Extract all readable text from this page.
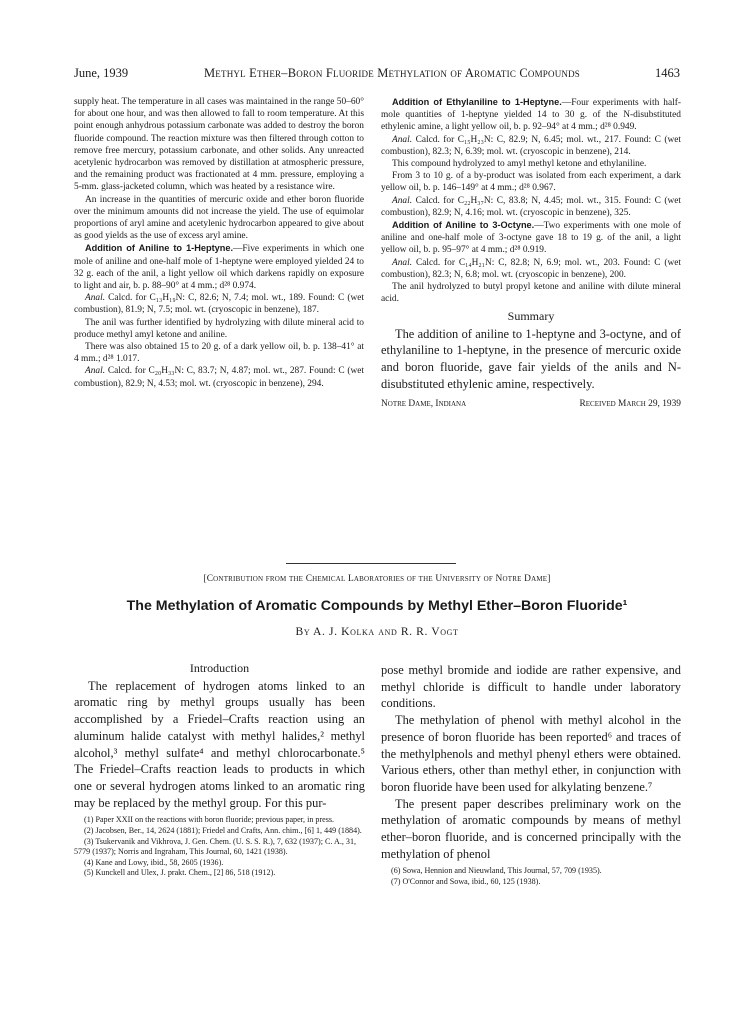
June, 1939	Methyl Ether–Boron Fluoride Methylation of Aromatic Compounds	1463

supply heat. The temperature in all cases was maintained in the range 50–60° for about one hour, and was then allowed to fall to room temperature. At this point enough anhydrous potassium carbonate was added to destroy the boron fluoride compound. The reaction mixture was then filtered through cotton to remove free mercury, potassium carbonate, and other solids. Any unreacted acetylenic hydrocarbon was removed by distillation at atmospheric pressure, and the remaining product was fractionated at 4 mm. pressure, employing a 5-mm. glass-jacketed column, which was heated by a resistance wire.

An increase in the quantities of mercuric oxide and ether boron fluoride over the minimum amounts did not increase the yield. The use of equimolar proportions of aryl amine and acetylenic hydrocarbon appeared to give about as good yields as the use of excess aryl amine.

Addition of Aniline to 1-Heptyne.—Five experiments in which one mole of aniline and one-half mole of 1-heptyne were employed yielded 24 to 32 g. each of the anil, a light yellow oil which darkens rapidly on exposure to light and air, b. p. 88–90° at 4 mm.; d²⁸ 0.974.

Anal. Calcd. for C₁₃H₁₉N: C, 82.6; N, 7.4; mol. wt., 189. Found: C (wet combustion), 81.9; N, 7.5; mol. wt. (cryoscopic in benzene), 187.

The anil was further identified by hydrolyzing with dilute mineral acid to produce methyl amyl ketone and aniline.

There was also obtained 15 to 20 g. of a dark yellow oil, b. p. 138–41° at 4 mm.; d²⁸ 1.017.

Anal. Calcd. for C₂₀H₃₃N: C, 83.7; N, 4.87; mol. wt., 287. Found: C (wet combustion), 82.9; N, 4.53; mol. wt. (cryoscopic in benzene), 294.

Addition of Ethylaniline to 1-Heptyne.—Four experiments with half-mole quantities of 1-heptyne yielded 14 to 30 g. of the N-disubstituted ethylenic amine, a light yellow oil, b. p. 92–94° at 4 mm.; d²⁸ 0.949.

Anal. Calcd. for C₁₅H₂₃N: C, 82.9; N, 6.45; mol. wt., 217. Found: C (wet combustion), 82.3; N, 6.39; mol. wt. (cryoscopic in benzene), 214.

This compound hydrolyzed to amyl methyl ketone and ethylaniline.

From 3 to 10 g. of a by-product was isolated from each experiment, a dark yellow oil, b. p. 146–149° at 4 mm.; d²⁸ 0.967.

Anal. Calcd. for C₂₂H₃₇N: C, 83.8; N, 4.45; mol. wt., 315. Found: C (wet combustion), 82.9; N, 4.16; mol. wt. (cryoscopic in benzene), 325.

Addition of Aniline to 3-Octyne.—Two experiments with one mole of aniline and one-half mole of 3-octyne gave 18 to 19 g. of the anil, a light yellow oil, b. p. 95–97° at 4 mm.; d²⁸ 0.919.

Anal. Calcd. for C₁₄H₂₁N: C, 82.8; N, 6.9; mol. wt., 203. Found: C (wet combustion), 82.3; N, 6.8; mol. wt. (cryoscopic in benzene), 200.

The anil hydrolyzed to butyl propyl ketone and aniline with dilute mineral acid.

Summary
The addition of aniline to 1-heptyne and 3-octyne, and of ethylaniline to 1-heptyne, in the presence of mercuric oxide and boron fluoride, gave fair yields of the anils and N-disubstituted ethylenic amine, respectively.
Notre Dame, Indiana	Received March 29, 1939
[Contribution from the Chemical Laboratories of the University of Notre Dame]
The Methylation of Aromatic Compounds by Methyl Ether–Boron Fluoride¹
By A. J. Kolka and R. R. Vogt
Introduction

The replacement of hydrogen atoms linked to an aromatic ring by methyl groups usually has been accomplished by a Friedel–Crafts reaction using an aluminum halide catalyst with methyl halides,² methyl alcohol,³ methyl sulfate⁴ and methyl chlorocarbonate.⁵ The Friedel–Crafts reaction leads to products in which one or several hydrogen atoms linked to an aromatic ring may be replaced by the methyl group. For this pur-

(1) Paper XXII on the reactions with boron fluoride; previous paper, in press.
(2) Jacobsen, Ber., 14, 2624 (1881); Friedel and Crafts, Ann. chim., [6] 1, 449 (1884).
(3) Tsukervanik and Vikhrova, J. Gen. Chem. (U. S. S. R.), 7, 632 (1937); C. A., 31, 5779 (1937); Norris and Ingraham, This Journal, 60, 1421 (1938).
(4) Kane and Lowy, ibid., 58, 2605 (1936).
(5) Kunckell and Ulex, J. prakt. Chem., [2] 86, 518 (1912).

pose methyl bromide and iodide are rather expensive, and methyl chloride is difficult to handle under laboratory conditions.

The methylation of phenol with methyl alcohol in the presence of boron fluoride has been reported⁶ and traces of the methylphenols and methyl phenyl ethers were obtained. Various ethers, other than methyl ether, in conjunction with boron fluoride have been used for alkylating benzene.⁷

The present paper describes preliminary work on the methylation of aromatic compounds by means of methyl ether–boron fluoride, and is concerned principally with the methylation of phenol

(6) Sowa, Hennion and Nieuwland, This Journal, 57, 709 (1935).
(7) O'Connor and Sowa, ibid., 60, 125 (1938).
